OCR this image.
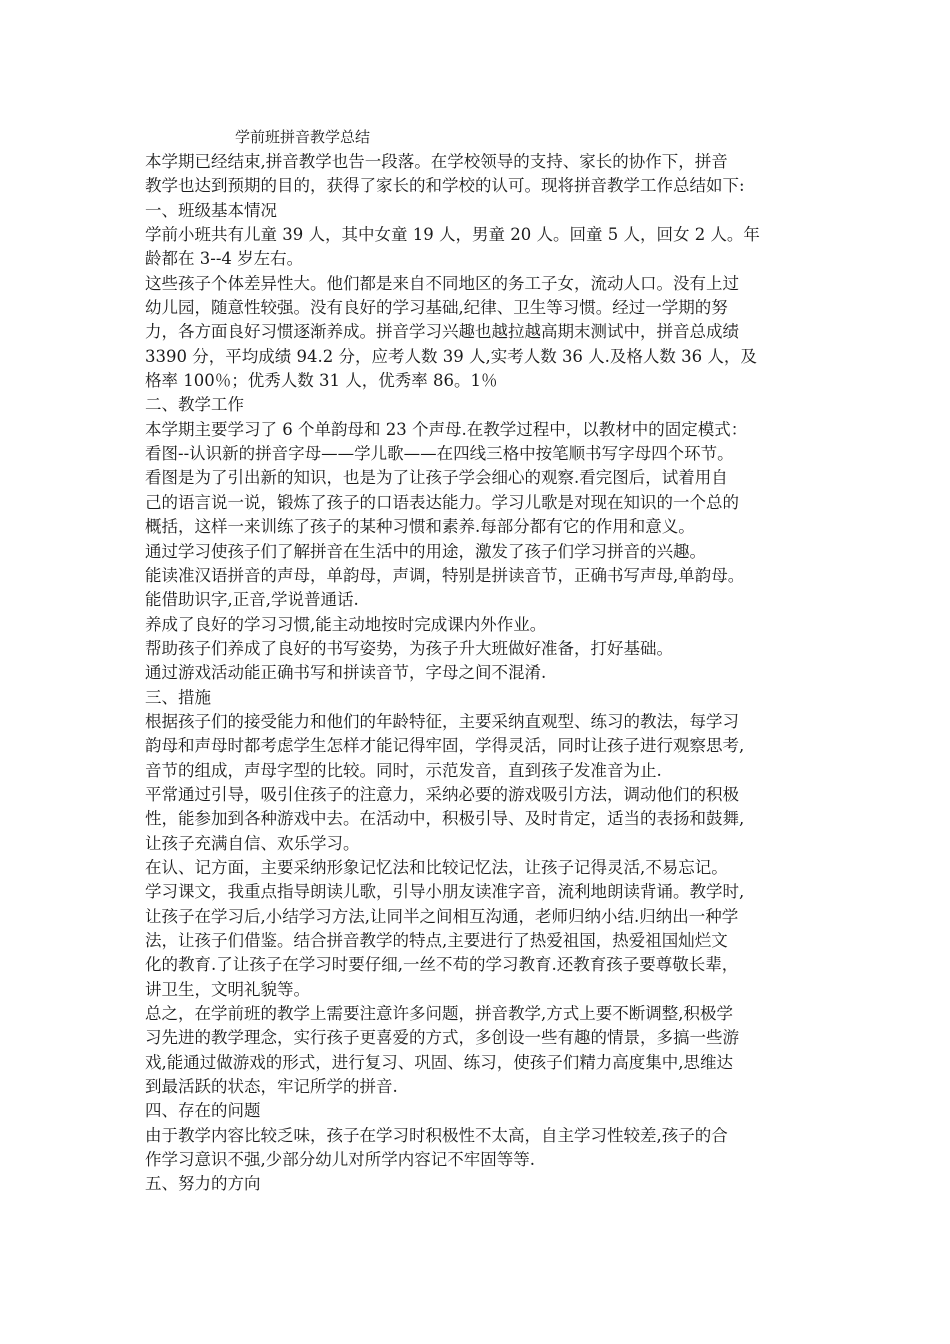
学前班拼音教学总结
本学期已经结束,拼音教学也告一段落。在学校领导的支持、家长的协作下，拼音
教学也达到预期的目的，获得了家长的和学校的认可。现将拼音教学工作总结如下:
一、班级基本情况
学前小班共有儿童 39 人，其中女童 19 人，男童 20 人。回童 5 人，回女 2 人。年
龄都在 3--4 岁左右。
这些孩子个体差异性大。他们都是来自不同地区的务工子女，流动人口。没有上过
幼儿园，随意性较强。没有良好的学习基础,纪律、卫生等习惯。经过一学期的努
力，各方面良好习惯逐渐养成。拼音学习兴趣也越拉越高期末测试中，拼音总成绩
3390 分，平均成绩 94.2 分，应考人数 39 人,实考人数 36 人.及格人数 36 人，及
格率 100％；优秀人数 31 人，优秀率 86。1％
二、教学工作
本学期主要学习了 6 个单韵母和 23 个声母.在教学过程中，以教材中的固定模式：
看图--认识新的拼音字母——学儿歌——在四线三格中按笔顺书写字母四个环节。
看图是为了引出新的知识，也是为了让孩子学会细心的观察.看完图后，试着用自
己的语言说一说，锻炼了孩子的口语表达能力。学习儿歌是对现在知识的一个总的
概括，这样一来训练了孩子的某种习惯和素养.每部分都有它的作用和意义。
通过学习使孩子们了解拼音在生活中的用途，激发了孩子们学习拼音的兴趣。
能读准汉语拼音的声母，单韵母，声调，特别是拼读音节，正确书写声母,单韵母。
能借助识字,正音,学说普通话.
养成了良好的学习习惯,能主动地按时完成课内外作业。
帮助孩子们养成了良好的书写姿势，为孩子升大班做好准备，打好基础。
通过游戏活动能正确书写和拼读音节，字母之间不混淆.
三、措施
根据孩子们的接受能力和他们的年龄特征，主要采纳直观型、练习的教法，每学习
韵母和声母时都考虑学生怎样才能记得牢固，学得灵活，同时让孩子进行观察思考,
音节的组成，声母字型的比较。同时，示范发音，直到孩子发准音为止.
平常通过引导，吸引住孩子的注意力，采纳必要的游戏吸引方法，调动他们的积极
性，能参加到各种游戏中去。在活动中，积极引导、及时肯定，适当的表扬和鼓舞,
让孩子充满自信、欢乐学习。
在认、记方面，主要采纳形象记忆法和比较记忆法，让孩子记得灵活,不易忘记。
学习课文，我重点指导朗读儿歌，引导小朋友读准字音，流利地朗读背诵。教学时,
让孩子在学习后,小结学习方法,让同半之间相互沟通，老师归纳小结.归纳出一种学
法，让孩子们借鉴。结合拼音教学的特点,主要进行了热爱祖国，热爱祖国灿烂文
化的教育.了让孩子在学习时要仔细,一丝不苟的学习教育.还教育孩子要尊敬长辈，
讲卫生，文明礼貌等。
总之，在学前班的教学上需要注意许多问题，拼音教学,方式上要不断调整,积极学
习先进的教学理念，实行孩子更喜爱的方式，多创设一些有趣的情景，多搞一些游
戏,能通过做游戏的形式，进行复习、巩固、练习，使孩子们精力高度集中,思维达
到最活跃的状态，牢记所学的拼音.
四、存在的问题
由于教学内容比较乏味，孩子在学习时积极性不太高，自主学习性较差,孩子的合
作学习意识不强,少部分幼儿对所学内容记不牢固等等.
五、努力的方向
